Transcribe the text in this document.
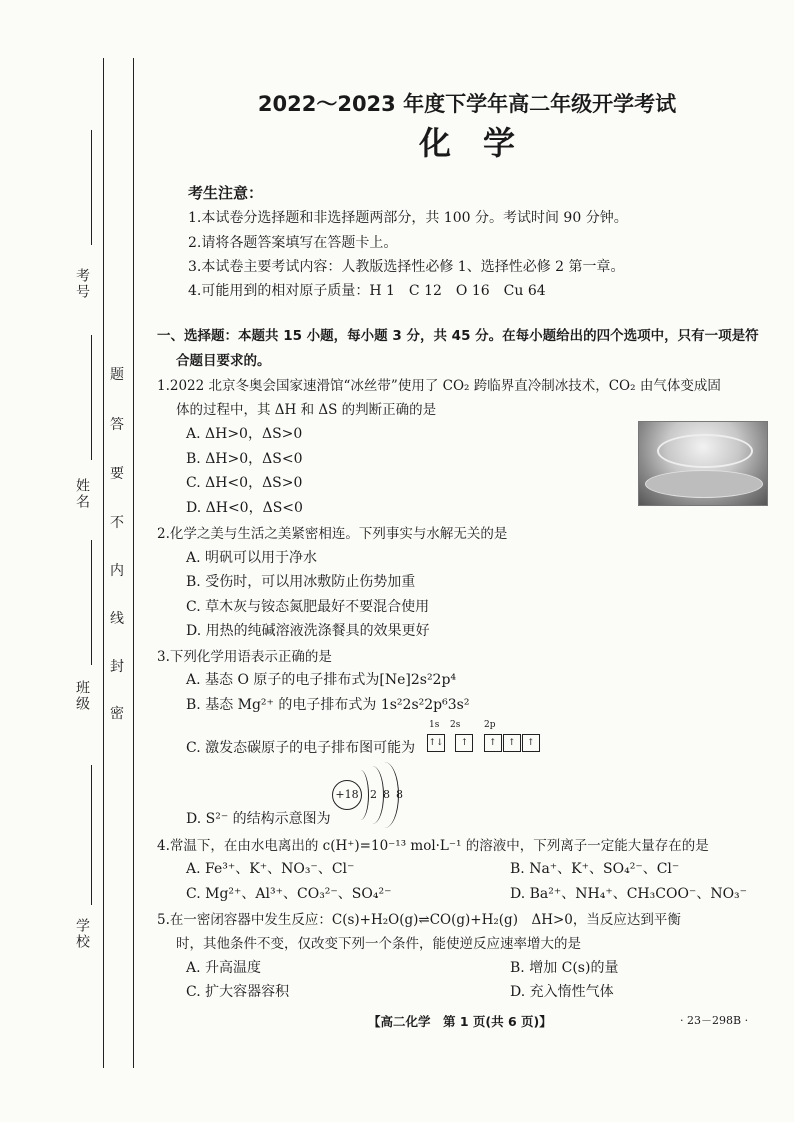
考号
姓名
班级
学校
题
答
要
不
内
线
封
密
2022～2023 年度下学年高二年级开学考试
化　学
考生注意：
1.本试卷分选择题和非选择题两部分，共 100 分。考试时间 90 分钟。
2.请将各题答案填写在答题卡上。
3.本试卷主要考试内容：人教版选择性必修 1、选择性必修 2 第一章。
4.可能用到的相对原子质量：H 1　C 12　O 16　Cu 64
一、选择题：本题共 15 小题，每小题 3 分，共 45 分。在每小题给出的四个选项中，只有一项是符
合题目要求的。
1.2022 北京冬奥会国家速滑馆“冰丝带”使用了 CO₂ 跨临界直冷制冰技术，CO₂ 由气体变成固
体的过程中，其 ΔH 和 ΔS 的判断正确的是
A. ΔH>0，ΔS>0
B. ΔH>0，ΔS<0
C. ΔH<0，ΔS>0
D. ΔH<0，ΔS<0
2.化学之美与生活之美紧密相连。下列事实与水解无关的是
A. 明矾可以用于净水
B. 受伤时，可以用冰敷防止伤势加重
C. 草木灰与铵态氮肥最好不要混合使用
D. 用热的纯碱溶液洗涤餐具的效果更好
3.下列化学用语表示正确的是
A. 基态 O 原子的电子排布式为[Ne]2s²2p⁴
B. 基态 Mg²⁺ 的电子排布式为 1s²2s²2p⁶3s²
C. 激发态碳原子的电子排布图可能为
1s 2s	2p
↑↓ ↑ ↑ ↑ ↑
D. S²⁻ 的结构示意图为
+18	2 8 8
4.常温下，在由水电离出的 c(H⁺)=10⁻¹³ mol·L⁻¹ 的溶液中，下列离子一定能大量存在的是
A. Fe³⁺、K⁺、NO₃⁻、Cl⁻	B. Na⁺、K⁺、SO₄²⁻、Cl⁻
C. Mg²⁺、Al³⁺、CO₃²⁻、SO₄²⁻	D. Ba²⁺、NH₄⁺、CH₃COO⁻、NO₃⁻
5.在一密闭容器中发生反应：C(s)+H₂O(g)⇌CO(g)+H₂(g)　ΔH>0，当反应达到平衡
时，其他条件不变，仅改变下列一个条件，能使逆反应速率增大的是
A. 升高温度	B. 增加 C(s)的量
C. 扩大容器容积	D. 充入惰性气体
【高二化学　第 1 页(共 6 页)】	· 23－298B ·
